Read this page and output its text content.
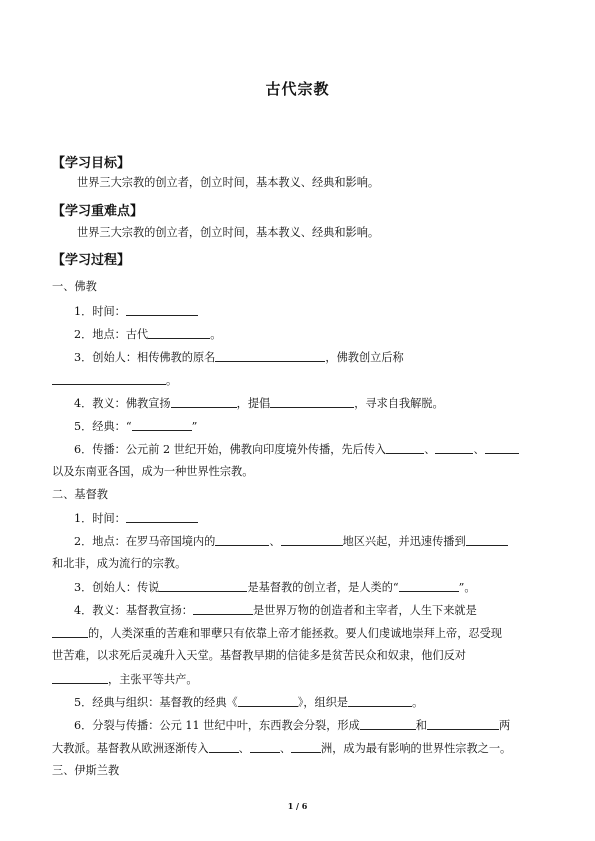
古代宗教
【学习目标】
世界三大宗教的创立者，创立时间，基本教义、经典和影响。
【学习重难点】
世界三大宗教的创立者，创立时间，基本教义、经典和影响。
【学习过程】
一、佛教
1．时间：
2．地点：古代	。
3．创始人：相传佛教的原名	，佛教创立后称
。
4．教义：佛教宣扬	，提倡	，寻求自我解脱。
5．经典：“	”
6．传播：公元前 2 世纪开始，佛教向印度境外传播，先后传入	、	、
以及东南亚各国，成为一种世界性宗教。
二、基督教
1．时间：
2．地点：在罗马帝国境内的	、	地区兴起，并迅速传播到
和北非，成为流行的宗教。
3．创始人：传说	是基督教的创立者，是人类的“	”。
4．教义：基督教宣扬：	是世界万物的创造者和主宰者，人生下来就是
的，人类深重的苦难和罪孽只有依靠上帝才能拯救。要人们虔诚地崇拜上帝，忍受现
世苦难，以求死后灵魂升入天堂。基督教早期的信徒多是贫苦民众和奴隶，他们反对
，主张平等共产。
5．经典与组织：基督教的经典《	》，组织是	。
6．分裂与传播：公元 11 世纪中叶，东西教会分裂，形成	和	两
大教派。基督教从欧洲逐渐传入	、	、	洲，成为最有影响的世界性宗教之一。
三、伊斯兰教
1 / 6
